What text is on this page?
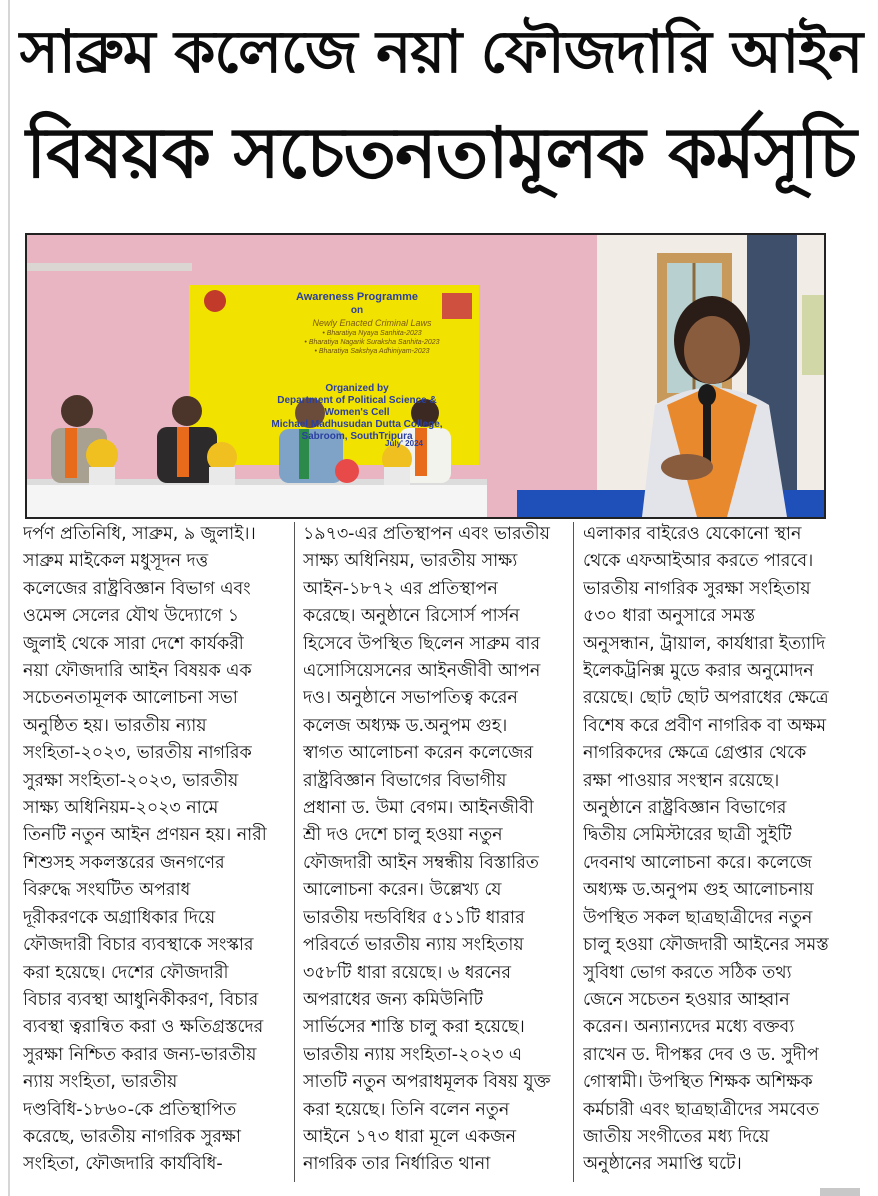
সাব্রুম কলেজে নয়া ফৌজদারি আইন
বিষয়ক সচেতনতামূলক কর্মসূচি
Awareness Programme
on
Newly Enacted Criminal Laws
• Bharatiya Nyaya Sanhita-2023
• Bharatiya Nagarik Suraksha Sanhita-2023
• Bharatiya Sakshya Adhiniyam-2023
Organized by
Department of Political Science &
Women's Cell
Michael Madhusudan Dutta College,
Sabroom, SouthTripura
July' 2024
দর্পণ প্রতিনিধি, সাব্রুম, ৯ জুলাই।।
সাব্রুম মাইকেল মধুসূদন দত্ত
কলেজের রাষ্ট্রবিজ্ঞান বিভাগ এবং
ওমেন্স সেলের যৌথ উদ্যোগে ১
জুলাই থেকে সারা দেশে কার্যকরী
নয়া ফৌজদারি আইন বিষয়ক এক
সচেতনতামূলক আলোচনা সভা
অনুষ্ঠিত হয়। ভারতীয় ন্যায়
সংহিতা-২০২৩, ভারতীয় নাগরিক
সুরক্ষা সংহিতা-২০২৩, ভারতীয়
সাক্ষ্য অধিনিয়ম-২০২৩ নামে
তিনটি নতুন আইন প্রণয়ন হয়। নারী
শিশুসহ সকলস্তরের জনগণের
বিরুদ্ধে সংঘটিত অপরাধ
দূরীকরণকে অগ্রাধিকার দিয়ে
ফৌজদারী বিচার ব্যবস্থাকে সংস্কার
করা হয়েছে। দেশের ফৌজদারী
বিচার ব্যবস্থা আধুনিকীকরণ, বিচার
ব্যবস্থা ত্বরান্বিত করা ও ক্ষতিগ্রস্তদের
সুরক্ষা নিশ্চিত করার জন্য-ভারতীয়
ন্যায় সংহিতা, ভারতীয়
দণ্ডবিধি-১৮৬০-কে প্রতিস্থাপিত
করেছে, ভারতীয় নাগরিক সুরক্ষা
সংহিতা, ফৌজদারি কার্যবিধি-
১৯৭৩-এর প্রতিস্থাপন এবং ভারতীয়
সাক্ষ্য অধিনিয়ম, ভারতীয় সাক্ষ্য
আইন-১৮৭২ এর প্রতিস্থাপন
করেছে। অনুষ্ঠানে রিসোর্স পার্সন
হিসেবে উপস্থিত ছিলেন সাব্রুম বার
এসোসিয়েসনের আইনজীবী আপন
দও। অনুষ্ঠানে সভাপতিত্ব করেন
কলেজ অধ্যক্ষ ড.অনুপম গুহ।
স্বাগত আলোচনা করেন কলেজের
রাষ্ট্রবিজ্ঞান বিভাগের বিভাগীয়
প্রধানা ড. উমা বেগম। আইনজীবী
শ্রী দও দেশে চালু হওয়া নতুন
ফৌজদারী আইন সম্বন্ধীয় বিস্তারিত
আলোচনা করেন। উল্লেখ্য যে
ভারতীয় দন্ডবিধির ৫১১টি ধারার
পরিবর্তে ভারতীয় ন্যায় সংহিতায়
৩৫৮টি ধারা রয়েছে। ৬ ধরনের
অপরাধের জন্য কমিউনিটি
সার্ভিসের শাস্তি চালু করা হয়েছে।
ভারতীয় ন্যায় সংহিতা-২০২৩ এ
সাতটি নতুন অপরাধমূলক বিষয় যুক্ত
করা হয়েছে। তিনি বলেন নতুন
আইনে ১৭৩ ধারা মূলে একজন
নাগরিক তার নির্ধারিত থানা
এলাকার বাইরেও যেকোনো স্থান
থেকে এফআইআর করতে পারবে।
ভারতীয় নাগরিক সুরক্ষা সংহিতায়
৫৩০ ধারা অনুসারে সমস্ত
অনুসন্ধান, ট্রায়াল, কার্যধারা ইত্যাদি
ইলেকট্রনিক্স মুডে করার অনুমোদন
রয়েছে। ছোট ছোট অপরাধের ক্ষেত্রে
বিশেষ করে প্রবীণ নাগরিক বা অক্ষম
নাগরিকদের ক্ষেত্রে গ্রেপ্তার থেকে
রক্ষা পাওয়ার সংস্থান রয়েছে।
অনুষ্ঠানে রাষ্ট্রবিজ্ঞান বিভাগের
দ্বিতীয় সেমিস্টারের ছাত্রী সুইটি
দেবনাথ আলোচনা করে। কলেজে
অধ্যক্ষ ড.অনুপম গুহ আলোচনায়
উপস্থিত সকল ছাত্রছাত্রীদের নতুন
চালু হওয়া ফৌজদারী আইনের সমস্ত
সুবিধা ভোগ করতে সঠিক তথ্য
জেনে সচেতন হওয়ার আহ্বান
করেন। অন্যান্যদের মধ্যে বক্তব্য
রাখেন ড. দীপঙ্কর দেব ও ড. সুদীপ
গোস্বামী। উপস্থিত শিক্ষক অশিক্ষক
কর্মচারী এবং ছাত্রছাত্রীদের সমবেত
জাতীয় সংগীতের মধ্য দিয়ে
অনুষ্ঠানের সমাপ্তি ঘটে।
